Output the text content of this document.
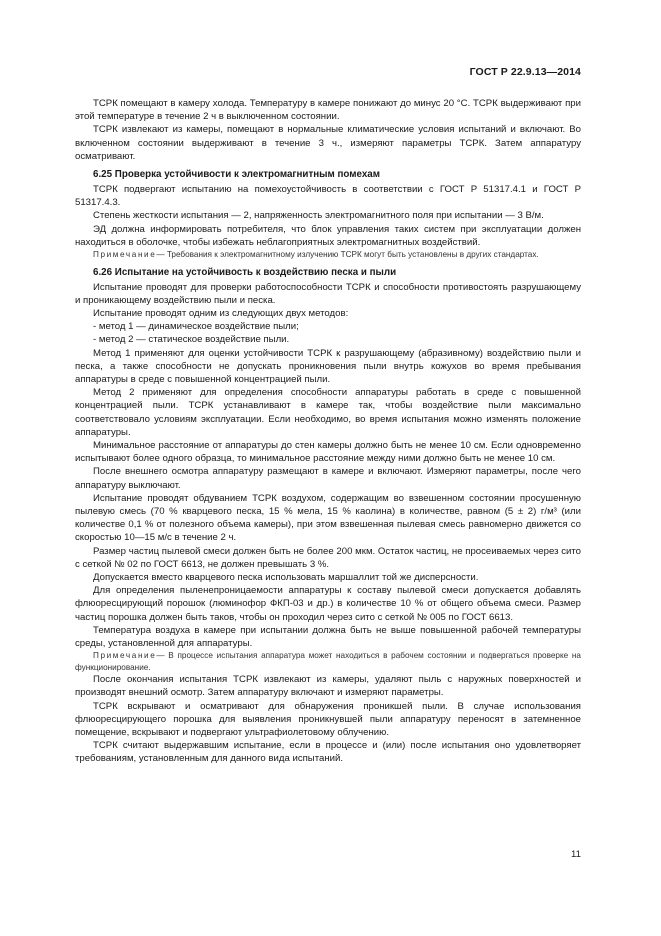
ГОСТ Р 22.9.13—2014

ТСРК помещают в камеру холода. Температуру в камере понижают до минус 20 °С. ТСРК выдерживают при этой температуре в течение 2 ч в выключенном состоянии.

ТСРК извлекают из камеры, помещают в нормальные климатические условия испытаний и включают. Во включенном состоянии выдерживают в течение 3 ч., измеряют параметры ТСРК. Затем аппаратуру осматривают.

6.25 Проверка устойчивости к электромагнитным помехам

ТСРК подвергают испытанию на помехоустойчивость в соответствии с ГОСТ Р 51317.4.1 и ГОСТ Р 51317.4.3.

Степень жесткости испытания — 2, напряженность электромагнитного поля при испытании — 3 В/м.

ЭД должна информировать потребителя, что блок управления таких систем при эксплуатации должен находиться в оболочке, чтобы избежать неблагоприятных электромагнитных воздействий.

Примечание— Требования к электромагнитному излучению ТСРК могут быть установлены в других стандартах.

6.26 Испытание на устойчивость к воздействию песка и пыли

Испытание проводят для проверки работоспособности ТСРК и способности противостоять разрушающему и проникающему воздействию пыли и песка.

Испытание проводят одним из следующих двух методов:

- метод 1 — динамическое воздействие пыли;

- метод 2 — статическое воздействие пыли.

Метод 1 применяют для оценки устойчивости ТСРК к разрушающему (абразивному) воздействию пыли и песка, а также способности не допускать проникновения пыли внутрь кожухов во время пребывания аппаратуры в среде с повышенной концентрацией пыли.

Метод 2 применяют для определения способности аппаратуры работать в среде с повышенной концентрацией пыли. ТСРК устанавливают в камере так, чтобы воздействие пыли максимально соответствовало условиям эксплуатации. Если необходимо, во время испытания можно изменять положение аппаратуры.

Минимальное расстояние от аппаратуры до стен камеры должно быть не менее 10 см. Если одновременно испытывают более одного образца, то минимальное расстояние между ними должно быть не менее 10 см.

После внешнего осмотра аппаратуру размещают в камере и включают. Измеряют параметры, после чего аппаратуру выключают.

Испытание проводят обдуванием ТСРК воздухом, содержащим во взвешенном состоянии просушенную пылевую смесь (70 % кварцевого песка, 15 % мела, 15 % каолина) в количестве, равном (5 ± 2) г/м³ (или количестве 0,1 % от полезного объема камеры), при этом взвешенная пылевая смесь равномерно движется со скоростью 10—15 м/с в течение 2 ч.

Размер частиц пылевой смеси должен быть не более 200 мкм. Остаток частиц, не просеиваемых через сито с сеткой № 02 по ГОСТ 6613, не должен превышать 3 %.

Допускается вместо кварцевого песка использовать маршаллит той же дисперсности.

Для определения пыленепроницаемости аппаратуры к составу пылевой смеси допускается добавлять флюоресцирующий порошок (люминофор ФКП-03 и др.) в количестве 10 % от общего объема смеси. Размер частиц порошка должен быть таков, чтобы он проходил через сито с сеткой № 005 по ГОСТ 6613.

Температура воздуха в камере при испытании должна быть не выше повышенной рабочей температуры среды, установленной для аппаратуры.

Примечание— В процессе испытания аппаратура может находиться в рабочем состоянии и подвергаться проверке на функционирование.

После окончания испытания ТСРК извлекают из камеры, удаляют пыль с наружных поверхностей и производят внешний осмотр. Затем аппаратуру включают и измеряют параметры.

ТСРК вскрывают и осматривают для обнаружения проникшей пыли. В случае использования флюоресцирующего порошка для выявления проникнувшей пыли аппаратуру переносят в затемненное помещение, вскрывают и подвергают ультрафиолетовому облучению.

ТСРК считают выдержавшим испытание, если в процессе и (или) после испытания оно удовлетворяет требованиям, установленным для данного вида испытаний.

11
